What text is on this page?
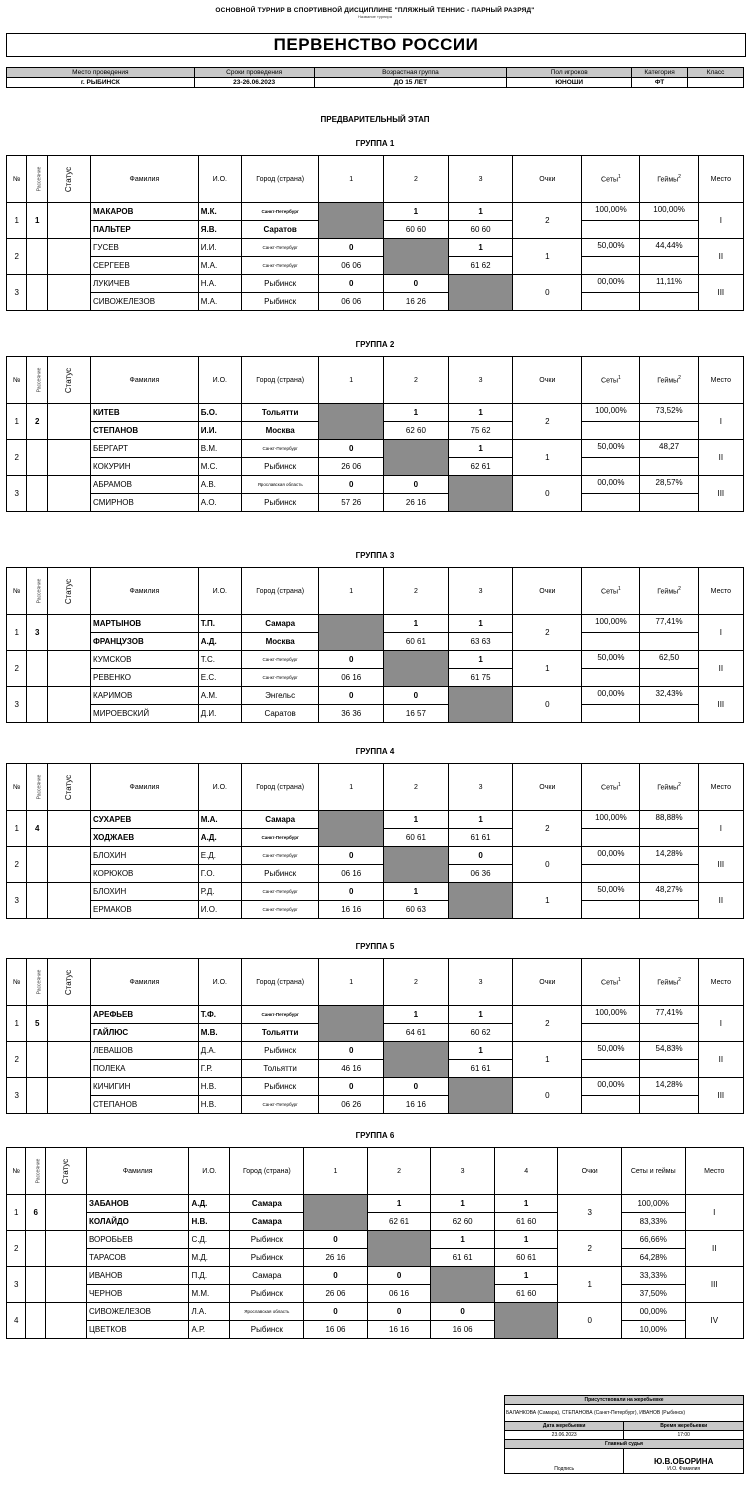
ОСНОВНОЙ ТУРНИР В СПОРТИВНОЙ ДИСЦИПЛИНЕ "ПЛЯЖНЫЙ ТЕННИС - ПАРНЫЙ РАЗРЯД"
Название турнира
ПЕРВЕНСТВО РОССИИ
Место проведения	Сроки проведения	Возрастная группа	Пол игроков	Категория	Класс
г. РЫБИНСК	23-26.06.2023	ДО 15 ЛЕТ	ЮНОШИ	ФТ	
ПРЕДВАРИТЕЛЬНЫЙ ЭТАП
ГРУППА 1
№	Рассеяние	Статус	Фамилия	И.О.	Город (страна)	1	2	3	Очки	Сеты$^1$	Геймы$^2$	Место
1	1		МАКАРОВ	М.К.	Санкт-Петербург		1	1	2	100,00%	100,00%	I
			ПАЛЬТЕР	Я.В.	Саратов		60 60	60 60				
2			ГУСЕВ	И.И.	Санкт-Петербург	0		1	1	50,00%	44,44%	II
			СЕРГЕЕВ	М.А.	Санкт-Петербург	06 06		61 62				
3			ЛУКИЧЕВ	Н.А.	Рыбинск	0	0		0	00,00%	11,11%	III
			СИВОЖЕЛЕЗОВ	М.А.	Рыбинск	06 06	16 26					
ГРУППА 2
№	Рассеяние	Статус	Фамилия	И.О.	Город (страна)	1	2	3	Очки	Сеты$^1$	Геймы$^2$	Место
1	2		КИТЕВ	Б.О.	Тольятти		1	1	2	100,00%	73,52%	I
			СТЕПАНОВ	И.И.	Москва		62 60	75 62				
2			БЕРГАРТ	В.М.	Санкт-Петербург	0		1	1	50,00%	48,27	II
			КОКУРИН	М.С.	Рыбинск	26 06		62 61				
3			АБРАМОВ	А.В.	Ярославская область	0	0		0	00,00%	28,57%	III
			СМИРНОВ	А.О.	Рыбинск	57 26	26 16					
ГРУППА 3
№	Рассеяние	Статус	Фамилия	И.О.	Город (страна)	1	2	3	Очки	Сеты$^1$	Геймы$^2$	Место
1	3		МАРТЫНОВ	Т.П.	Самара		1	1	2	100,00%	77,41%	I
			ФРАНЦУЗОВ	А.Д.	Москва		60 61	63 63				
2			КУМСКОВ	Т.С.	Санкт-Петербург	0		1	1	50,00%	62,50	II
			РЕВЕНКО	Е.С.	Санкт-Петербург	06 16		61 75				
3			КАРИМОВ	А.М.	Энгельс	0	0		0	00,00%	32,43%	III
			МИРОЕВСКИЙ	Д.И.	Саратов	36 36	16 57					
ГРУППА 4
№	Рассеяние	Статус	Фамилия	И.О.	Город (страна)	1	2	3	Очки	Сеты$^1$	Геймы$^2$	Место
1	4		СУХАРЕВ	М.А.	Самара		1	1	2	100,00%	88,88%	I
			ХОДЖАЕВ	А.Д.	Санкт-Петербург		60 61	61 61				
2			БЛОХИН	Е.Д.	Санкт-Петербург	0		0	0	00,00%	14,28%	III
			КОРЮКОВ	Г.О.	Рыбинск	06 16		06 36				
3			БЛОХИН	Р.Д.	Санкт-Петербург	0	1		1	50,00%	48,27%	II
			ЕРМАКОВ	И.О.	Санкт-Петербург	16 16	60 63					
ГРУППА 5
№	Рассеяние	Статус	Фамилия	И.О.	Город (страна)	1	2	3	Очки	Сеты$^1$	Геймы$^2$	Место
1	5		АРЕФЬЕВ	Т.Ф.	Санкт-Петербург		1	1	2	100,00%	77,41%	I
			ГАЙЛЮС	М.В.	Тольятти		64 61	60 62				
2			ЛЕВАШОВ	Д.А.	Рыбинск	0		1	1	50,00%	54,83%	II
			ПОЛЕКА	Г.Р.	Тольятти	46 16		61 61				
3			КИЧИГИН	Н.В.	Рыбинск	0	0		0	00,00%	14,28%	III
			СТЕПАНОВ	Н.В.	Санкт-Петербург	06 26	16 16					
ГРУППА 6
№	Рассеяние	Статус	Фамилия	И.О.	Город (страна)	1	2	3	4	Очки	Сеты и геймы	Место
1	6		ЗАБАНОВ	А.Д.	Самара		1	1	1	3	100,00%	I
			КОЛАЙДО	Н.В.	Самара		62 61	62 60	61 60		83,33%	
2			ВОРОБЬЕВ	С.Д.	Рыбинск	0		1	1	2	66,66%	II
			ТАРАСОВ	М.Д.	Рыбинск	26 16		61 61	60 61		64,28%	
3			ИВАНОВ	П.Д.	Самара	0	0		1	1	33,33%	III
			ЧЕРНОВ	М.М.	Рыбинск	26 06	06 16		61 60		37,50%	
4			СИВОЖЕЛЕЗОВ	Л.А.	Ярославская область	0	0	0		0	00,00%	IV
			ЦВЕТКОВ	А.Р.	Рыбинск	16 06	16 16	16 06			10,00%	
Присутствовали на жеребьевке	
БАЛАНКОВА (Самара), СТЕПАНОВА (Санкт-Петербург), ИВАНОВ (Рыбинск)	
Дата жеребьевки	Время жеребьевки
23.06.2023	17:00
Главный судья	
Подпись	Ю.В.ОБОРИНА
И.О. Фамилия
